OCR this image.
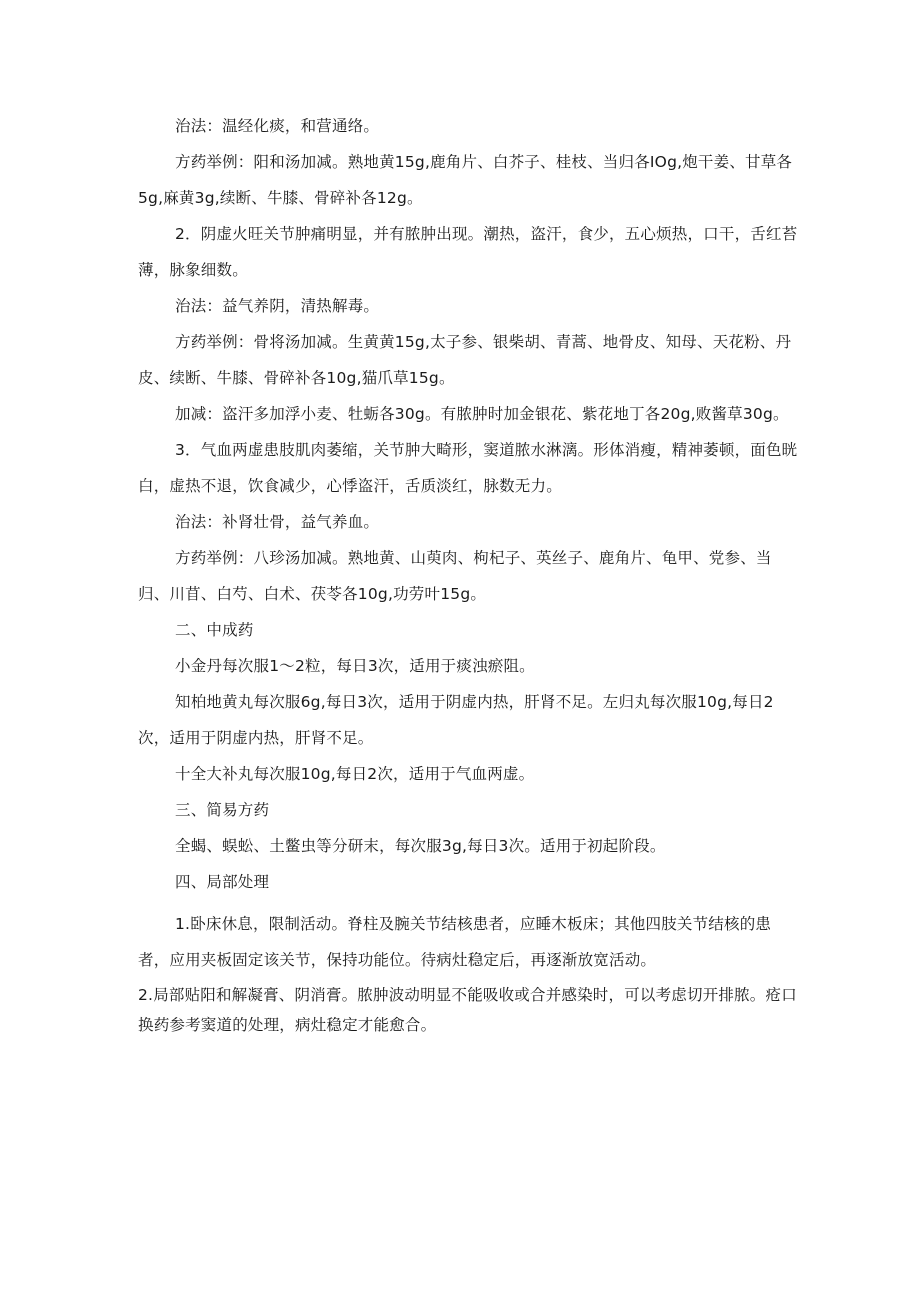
治法：温经化痰，和营通络。

方药举例：阳和汤加减。熟地黄15g,鹿角片、白芥子、桂枝、当归各IOg,炮干姜、甘草各5g,麻黄3g,续断、牛膝、骨碎补各12g。

2．阴虚火旺关节肿痛明显，并有脓肿出现。潮热，盗汗，食少，五心烦热，口干，舌红苔薄，脉象细数。

治法：益气养阴，清热解毒。

方药举例：骨将汤加减。生黄黄15g,太子参、银柴胡、青蒿、地骨皮、知母、天花粉、丹皮、续断、牛膝、骨碎补各10g,猫爪草15g。

加减：盗汗多加浮小麦、牡蛎各30g。有脓肿时加金银花、紫花地丁各20g,败酱草30g。

3．气血两虚患肢肌肉萎缩，关节肿大畸形，窦道脓水淋漓。形体消瘦，精神萎顿，面色晄白，虚热不退，饮食减少，心悸盗汗，舌质淡红，脉数无力。

治法：补肾壮骨，益气养血。

方药举例：八珍汤加减。熟地黄、山萸肉、枸杞子、英丝子、鹿角片、龟甲、党参、当归、川苜、白芍、白术、茯苓各10g,功劳叶15g。

二、中成药

小金丹每次服1～2粒，每日3次，适用于痰浊瘀阻。

知柏地黄丸每次服6g,每日3次，适用于阴虚内热，肝肾不足。左归丸每次服10g,每日2次，适用于阴虚内热，肝肾不足。

十全大补丸每次服10g,每日2次，适用于气血两虚。

三、简易方药

全蝎、蜈蚣、土鳖虫等分研末，每次服3g,每日3次。适用于初起阶段。

四、局部处理

1.卧床休息，限制活动。脊柱及腕关节结核患者，应睡木板床；其他四肢关节结核的患者，应用夹板固定该关节，保持功能位。待病灶稳定后，再逐渐放宽活动。

2.局部贴阳和解凝膏、阴消膏。脓肿波动明显不能吸收或合并感染时，可以考虑切开排脓。疮口换药参考窦道的处理，病灶稳定才能愈合。
